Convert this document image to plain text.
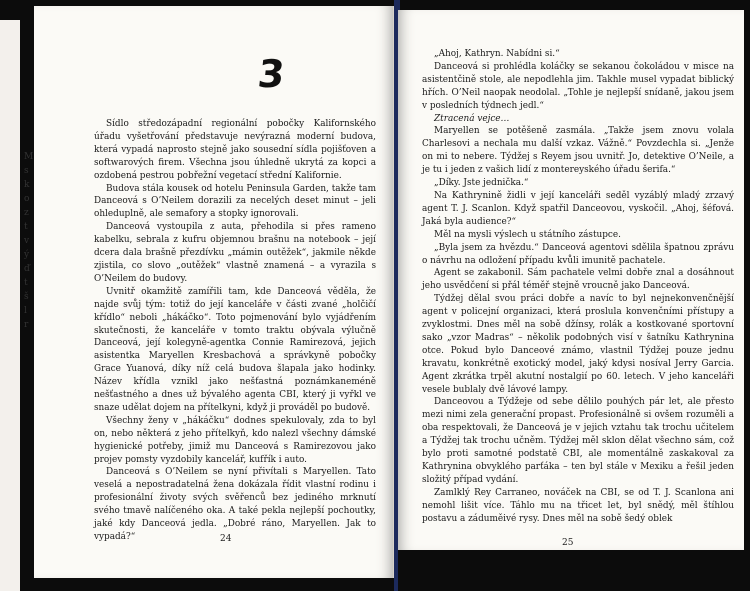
M
s
k
o
z
t
v
ý
ď
t
š
l
r
3

Sídlo středozápadní regionální pobočky Kalifornského úřadu vyšetřování představuje nevýrazná moderní budova, která vypadá naprosto stejně jako sousední sídla pojišťoven a softwarových firem. Všechna jsou úhledně ukrytá za kopci a ozdobená pestrou pobřežní vegetací střední Kalifornie.

Budova stála kousek od hotelu Peninsula Garden, takže tam Danceová s O’Neilem dorazili za necelých deset minut – jeli ohleduplně, ale semafory a stopky ignorovali.

Danceová vystoupila z auta, přehodila si přes rameno kabelku, sebrala z kufru objemnou brašnu na notebook – její dcera dala brašně přezdívku „mámin outěžek“, jakmile někde zjistila, co slovo „outěžek“ vlastně znamená – a vyrazila s O’Neilem do budovy.

Uvnitř okamžitě zamířili tam, kde Danceová věděla, že najde svůj tým: totiž do její kanceláře v části zvané „holčičí křídlo“ neboli „hákáčko“. Toto pojmenování bylo vyjádřením skutečnosti, že kanceláře v tomto traktu obývala výlučně Danceová, její kolegyně-agentka Connie Ramirezová, jejich asistentka Maryellen Kresbachová a správkyně pobočky Grace Yuanová, díky níž celá budova šlapala jako hodinky. Název křídla vznikl jako nešťastná poznámkaneméně nešťastného a dnes už bývalého agenta CBI, který ji vyřkl ve snaze udělat dojem na přítelkyni, když ji prováděl po budově.

Všechny ženy v „hákáčku“ dodnes spekulovaly, zda to byl on, nebo některá z jeho přítelkyň, kdo nalezl všechny dámské hygienické potřeby, jimiž mu Danceová s Ramirezovou jako projev pomsty vyzdobily kancelář, kufřík i auto.

Danceová s O’Neilem se nyní přivítali s Maryellen. Tato veselá a nepostradatelná žena dokázala řídit vlastní rodinu i profesionální životy svých svěřenců bez jediného mrknutí svého tmavě nalíčeného oka. A také pekla nejlepší pochoutky, jaké kdy Danceová jedla. „Dobré ráno, Maryellen. Jak to vypadá?“	24

„Ahoj, Kathryn. Nabídni si.“

Danceová si prohlédla koláčky se sekanou čokoládou v misce na asistentčině stole, ale nepodlehla jim. Takhle musel vypadat biblický hřích. O’Neil naopak neodolal. „Tohle je nejlepší snídaně, jakou jsem v posledních týdnech jedl.“

Ztracená vejce…

Maryellen se potěšeně zasmála. „Takže jsem znovu volala Charlesovi a nechala mu další vzkaz. Vážně.“ Povzdechla si. „Jenže on mi to nebere. Týdžej s Reyem jsou uvnitř. Jo, detektive O’Neile, a je tu i jeden z vašich lidí z montereyského úřadu šerifa.“

„Díky. Jste jednička.“

Na Kathrynině židli v její kanceláři seděl vyzáblý mladý zrzavý agent T. J. Scanlon. Když spatřil Danceovou, vyskočil. „Ahoj, šéfová. Jaká byla audience?“

Měl na mysli výslech u státního zástupce.

„Byla jsem za hvězdu.“ Danceová agentovi sdělila špatnou zprávu o návrhu na odložení případu kvůli imunitě pachatele.

Agent se zakabonil. Sám pachatele velmi dobře znal a dosáhnout jeho usvědčení si přál téměř stejně vroucně jako Danceová.

Týdžej dělal svou práci dobře a navíc to byl nejnekonvenčnější agent v policejní organizaci, která proslula konvenčními přístupy a zvyklostmi. Dnes měl na sobě džínsy, rolák a kostkované sportovní sako „vzor Madras“ – několik podobných visí v šatníku Kathrynina otce. Pokud bylo Danceové známo, vlastnil Týdžej pouze jednu kravatu, konkrétně exotický model, jaký kdysi nosíval Jerry Garcia. Agent zkrátka trpěl akutní nostalgií po 60. letech. V jeho kanceláři vesele bublaly dvě lávové lampy.

Danceovou a Týdžeje od sebe dělilo pouhých pár let, ale přesto mezi nimi zela generační propast. Profesionálně si ovšem rozuměli a oba respektovali, že Danceová je v jejich vztahu tak trochu učitelem a Týdžej tak trochu učněm. Týdžej měl sklon dělat všechno sám, což bylo proti samotné podstatě CBI, ale momentálně zaskakoval za Kathrynina obvyklého parťáka – ten byl stále v Mexiku a řešil jeden složitý případ vydání.

Zamlklý Rey Carraneo, nováček na CBI, se od T. J. Scanlona ani nemohl lišit více. Táhlo mu na třicet let, byl snědý, měl štíhlou postavu a záduměivé rysy. Dnes měl na sobě šedý oblek

25
